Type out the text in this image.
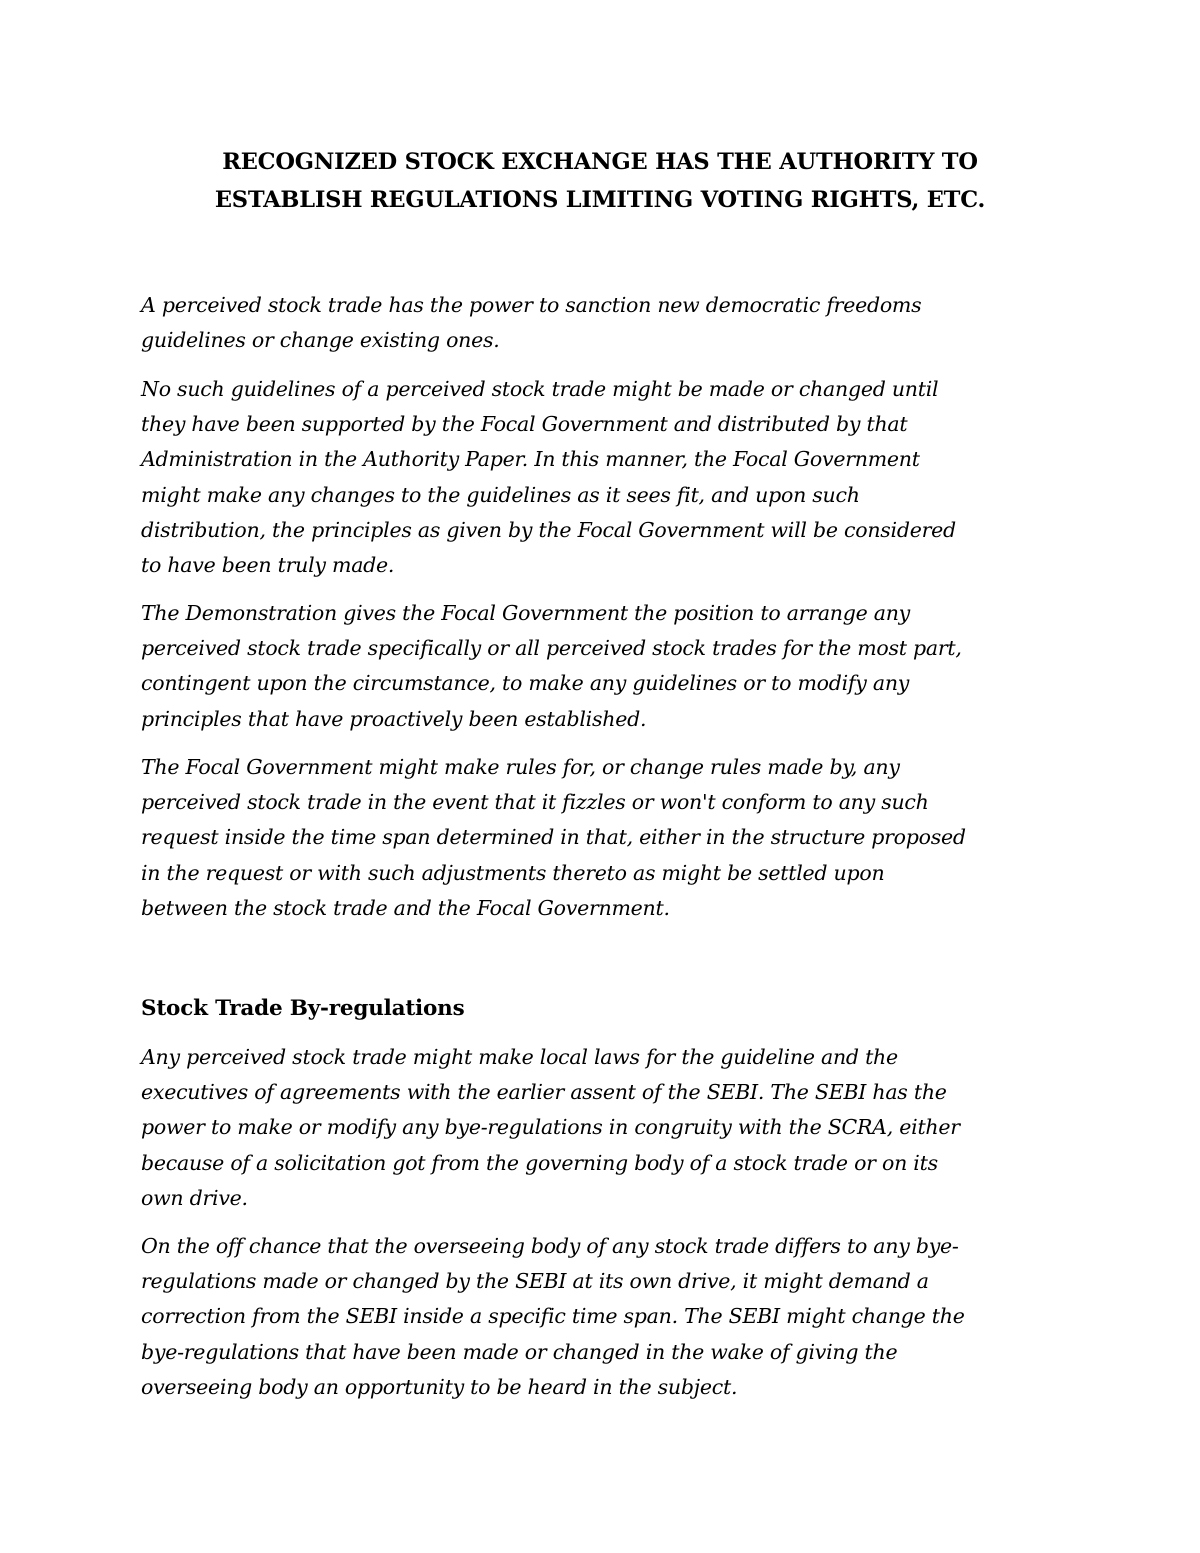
RECOGNIZED STOCK EXCHANGE HAS THE AUTHORITY TO
ESTABLISH REGULATIONS LIMITING VOTING RIGHTS, ETC.

A perceived stock trade has the power to sanction new democratic freedoms
guidelines or change existing ones.

No such guidelines of a perceived stock trade might be made or changed until
they have been supported by the Focal Government and distributed by that
Administration in the Authority Paper. In this manner, the Focal Government
might make any changes to the guidelines as it sees fit, and upon such
distribution, the principles as given by the Focal Government will be considered
to have been truly made.

The Demonstration gives the Focal Government the position to arrange any
perceived stock trade specifically or all perceived stock trades for the most part,
contingent upon the circumstance, to make any guidelines or to modify any
principles that have proactively been established.

The Focal Government might make rules for, or change rules made by, any
perceived stock trade in the event that it fizzles or won't conform to any such
request inside the time span determined in that, either in the structure proposed
in the request or with such adjustments thereto as might be settled upon
between the stock trade and the Focal Government.

Stock Trade By-regulations

Any perceived stock trade might make local laws for the guideline and the
executives of agreements with the earlier assent of the SEBI. The SEBI has the
power to make or modify any bye-regulations in congruity with the SCRA, either
because of a solicitation got from the governing body of a stock trade or on its
own drive.

On the off chance that the overseeing body of any stock trade differs to any bye-
regulations made or changed by the SEBI at its own drive, it might demand a
correction from the SEBI inside a specific time span. The SEBI might change the
bye-regulations that have been made or changed in the wake of giving the
overseeing body an opportunity to be heard in the subject.
